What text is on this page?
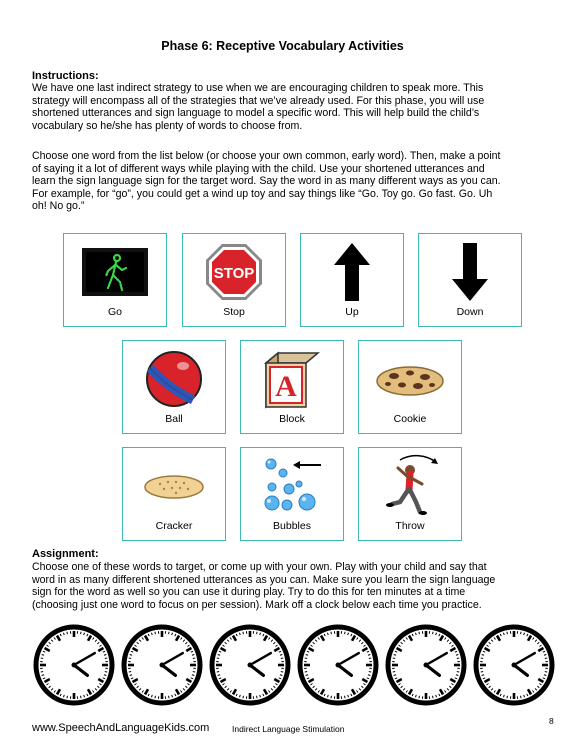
Phase 6: Receptive Vocabulary Activities
Instructions:
We have one last indirect strategy to use when we are encouraging children to speak more. This
strategy will encompass all of the strategies that we’ve already used. For this phase, you will use
shortened utterances and sign language to model a specific word. This will help build the child’s
vocabulary so he/she has plenty of words to choose from.
Choose one word from the list below (or choose your own common, early word). Then, make a point
of saying it a lot of different ways while playing with the child. Use your shortened utterances and
learn the sign language sign for the target word. Say the word in as many different ways as you can.
For example, for “go”, you could get a wind up toy and say things like “Go. Toy go. Go fast. Go. Uh
oh! No go.”
Go
STOP
Stop	Up	Down
Ball
A
Block	Cookie
Cracker	Bubbles	Throw
Assignment:
Choose one of these words to target, or come up with your own. Play with your child and say that
word in as many different shortened utterances as you can. Make sure you learn the sign language
sign for the word as well so you can use it during play. Try to do this for ten minutes at a time
(choosing just one word to focus on per session). Mark off a clock below each time you practice.
www.SpeechAndLanguageKids.com	Indirect Language Stimulation
8
